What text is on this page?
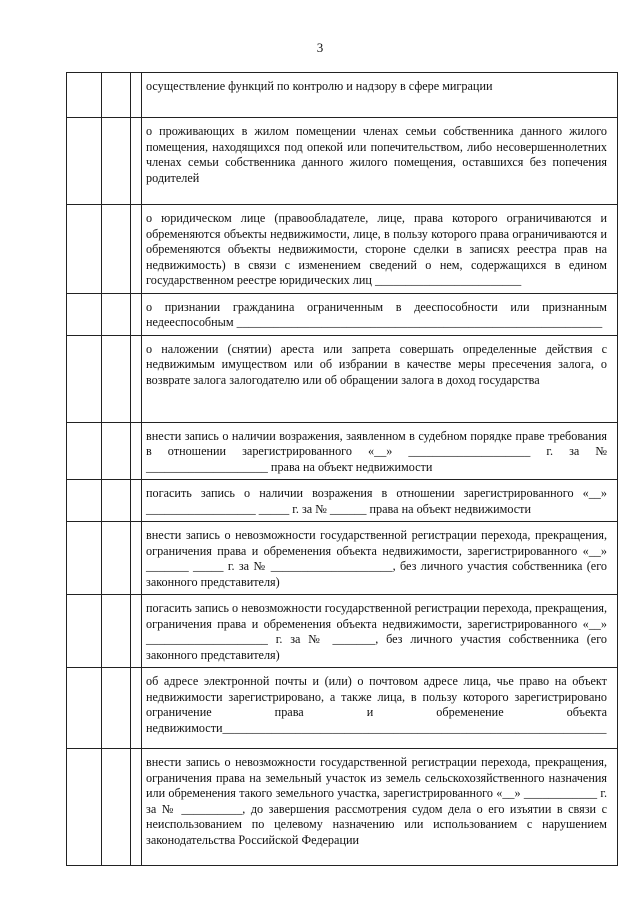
3

		осуществление функций по контролю и надзору в сфере миграции

		о проживающих в жилом помещении членах семьи собственника данного жилого помещения, находящихся под опекой или попечительством, либо несовершеннолетних членах семьи собственника данного жилого помещения, оставшихся без попечения родителей

		о юридическом лице (правообладателе, лице, права которого ограничиваются и обременяются объекты недвижимости, лице, в пользу которого права ограничиваются и обременяются объекты недвижимости, стороне сделки в записях реестра прав на недвижимость) в связи с изменением сведений о нем, содержащихся в едином государственном реестре юридических лиц ________________________

		о признании гражданина ограниченным в дееспособности или признанным недееспособным ____________________________________________________________

		о наложении (снятии) ареста или запрета совершать определенные действия с недвижимым имуществом или об избрании в качестве меры пресечения залога, о возврате залога залогодателю или об обращении залога в доход государства

		внести запись о наличии возражения, заявленном в судебном порядке праве требования в отношении зарегистрированного «__» ____________________ г. за № ____________________ права на объект недвижимости

		погасить запись о наличии возражения в отношении зарегистрированного «__» __________________ _____ г. за № ______ права на объект недвижимости

		внести запись о невозможности государственной регистрации перехода, прекращения, ограничения права и обременения объекта недвижимости, зарегистрированного «__» _______ _____ г. за № ____________________, без личного участия собственника (его законного представителя)

		погасить запись о невозможности государственной регистрации перехода, прекращения, ограничения права и обременения объекта недвижимости, зарегистрированного «__» ____________________ г. за № _______, без личного участия собственника (его законного представителя)

		об адресе электронной почты и (или) о почтовом адресе лица, чье право на объект недвижимости зарегистрировано, а также лица, в пользу которого зарегистрировано ограничение права и обременение объекта недвижимости_______________________________________________________________

		внести запись о невозможности государственной регистрации перехода, прекращения, ограничения права на земельный участок из земель сельскохозяйственного назначения или обременения такого земельного участка, зарегистрированного «__» ____________ г. за № __________, до завершения рассмотрения судом дела о его изъятии в связи с неиспользованием по целевому назначению или использованием с нарушением законодательства Российской Федерации
